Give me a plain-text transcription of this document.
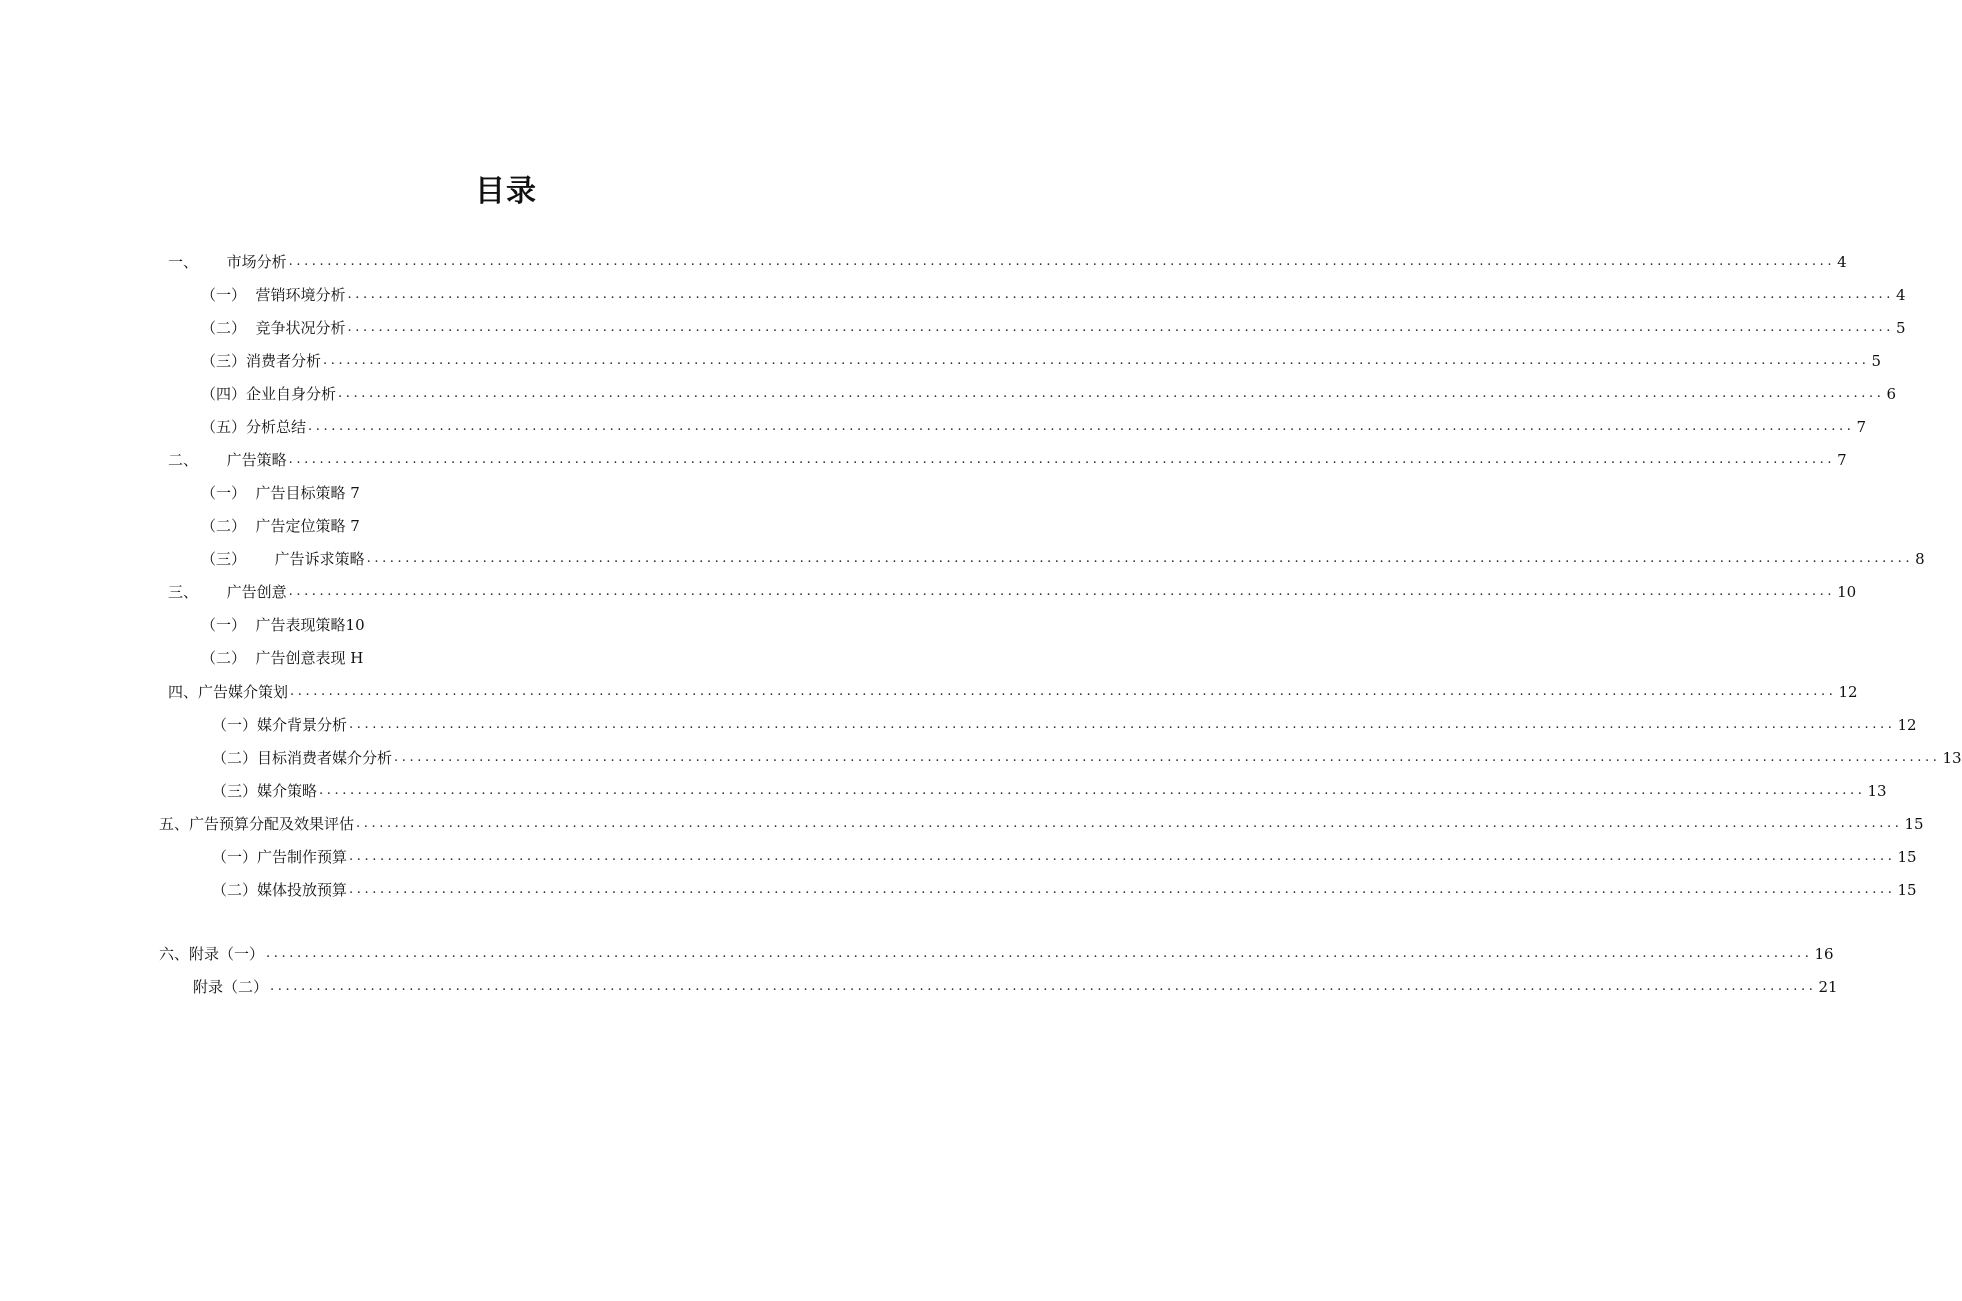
目录
一、      市场分析 ........................................................................................................................................................................................................ 4
（一）  营销环境分析 ........................................................................................................................................................................................................ 4
（二）  竞争状况分析 ........................................................................................................................................................................................................ 5
（三）消费者分析 ........................................................................................................................................................................................................ 5
（四）企业自身分析 ........................................................................................................................................................................................................ 6
（五）分析总结 ........................................................................................................................................................................................................ 7
二、      广告策略 ........................................................................................................................................................................................................ 7
（一）  广告目标策略 7
（二）  广告定位策略 7
（三）      广告诉求策略 ........................................................................................................................................................................................................ 8
三、      广告创意 ........................................................................................................................................................................................................ 10
（一）  广告表现策略10
（二）  广告创意表现 H
四、广告媒介策划 ........................................................................................................................................................................................................ 12
（一）媒介背景分析 ........................................................................................................................................................................................................ 12
（二）目标消费者媒介分析 ........................................................................................................................................................................................................ 13
（三）媒介策略 ........................................................................................................................................................................................................ 13
五、广告预算分配及效果评估 ........................................................................................................................................................................................................ 15
（一）广告制作预算 ........................................................................................................................................................................................................ 15
（二）媒体投放预算 ........................................................................................................................................................................................................ 15
六、附录（一） ........................................................................................................................................................................................................ 16
附录（二） ........................................................................................................................................................................................................ 21
